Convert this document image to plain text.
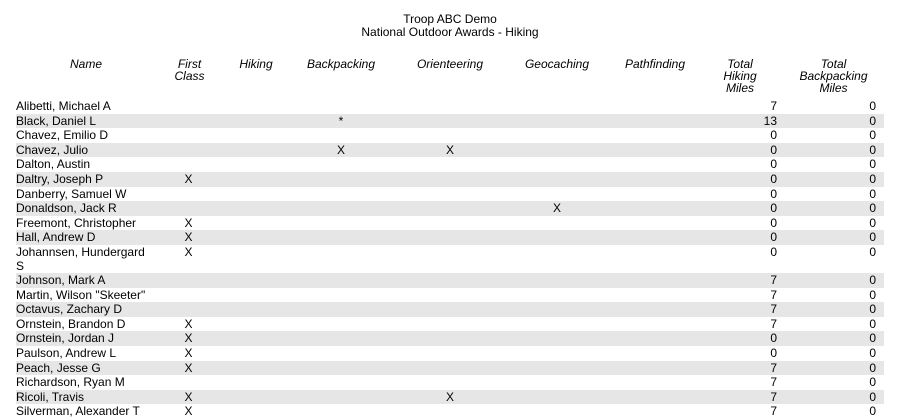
Troop ABC Demo
National Outdoor Awards - Hiking
Name	First Class	Hiking	Backpacking	Orienteering	Geocaching	Pathfinding	Total Hiking Miles	Total Backpacking Miles
Alibetti, Michael A							7	0
Black, Daniel L			*				13	0
Chavez, Emilio D							0	0
Chavez, Julio			X	X			0	0
Dalton, Austin							0	0
Daltry, Joseph P	X						0	0
Danberry, Samuel W							0	0
Donaldson, Jack R					X		0	0
Freemont, Christopher	X						0	0
Hall, Andrew D	X						0	0
Johannsen, Hundergard S	X						0	0
Johnson, Mark A							7	0
Martin, Wilson "Skeeter"							7	0
Octavus, Zachary D							7	0
Ornstein, Brandon D	X						7	0
Ornstein, Jordan J	X						0	0
Paulson, Andrew L	X						0	0
Peach, Jesse G	X						7	0
Richardson, Ryan M							7	0
Ricoli, Travis	X			X			7	0
Silverman, Alexander T	X						7	0
